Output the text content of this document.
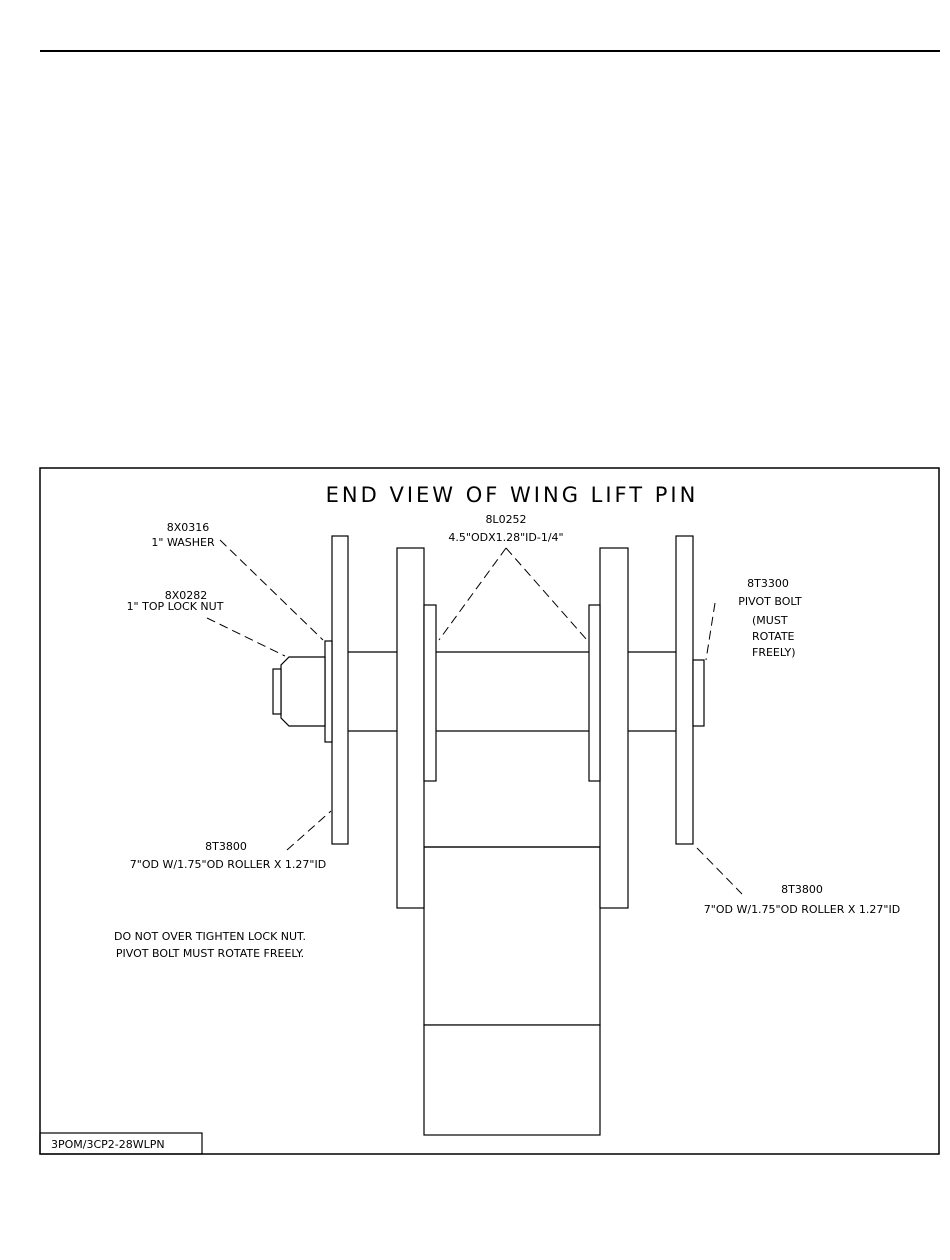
3POM/3CP2-28WLPN
END VIEW OF WING LIFT PIN
8X0316
1" WASHER
8X0282
1" TOP LOCK NUT
8L0252
4.5"ODX1.28"ID-1/4"
8T3300
PIVOT BOLT
(MUST
ROTATE
FREELY)
8T3800
7"OD W/1.75"OD ROLLER X 1.27"ID
8T3800
7"OD W/1.75"OD ROLLER X 1.27"ID
DO NOT OVER TIGHTEN LOCK NUT.
PIVOT BOLT MUST ROTATE FREELY.
